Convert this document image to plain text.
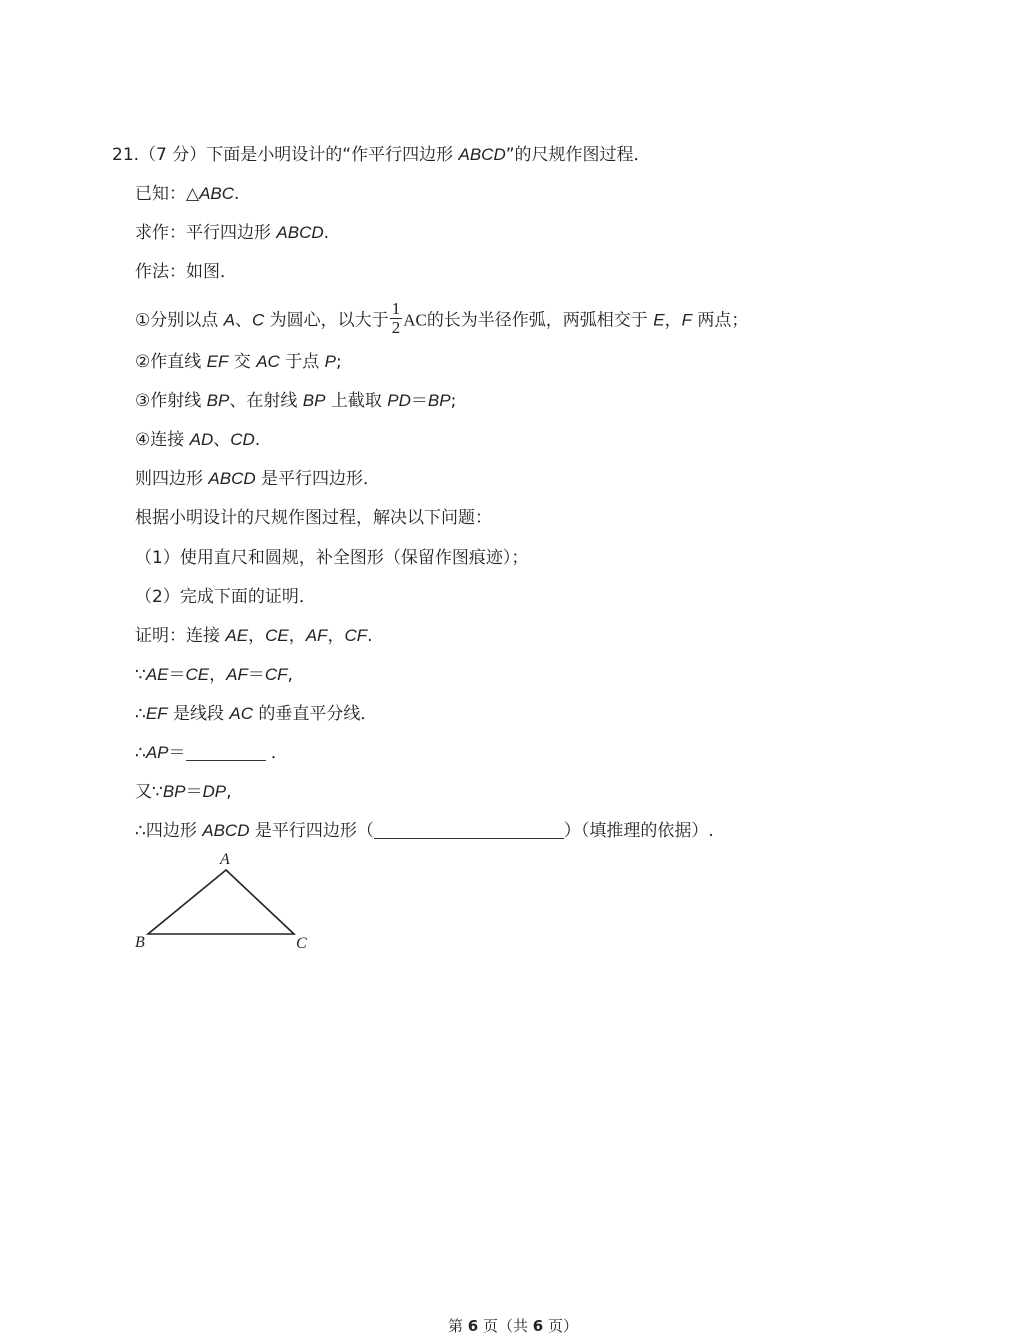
21.（7 分）下面是小明设计的“作平行四边形 ABCD”的尺规作图过程．
已知：△ABC.
求作：平行四边形 ABCD.
作法：如图．
①分别以点 A、C 为圆心，以大于 $\frac{1}{2}$ AC的长为半径作弧，两弧相交于 E，F 两点；
②作直线 EF 交 AC 于点 P;
③作射线 BP、在射线 BP 上截取 PD＝BP;
④连接 AD、CD.
则四边形 ABCD 是平行四边形．
根据小明设计的尺规作图过程，解决以下问题：
（1）使用直尺和圆规，补全图形（保留作图痕迹）；
（2）完成下面的证明．
证明：连接 AE，CE，AF，CF.
∵AE＝CE，AF＝CF,
∴EF 是线段 AC 的垂直平分线．
∴AP＝	．
又∵BP＝DP,
∴四边形 ABCD 是平行四边形（	）（填推理的依据）.
A
B	C
第 6 页（共 6 页）
